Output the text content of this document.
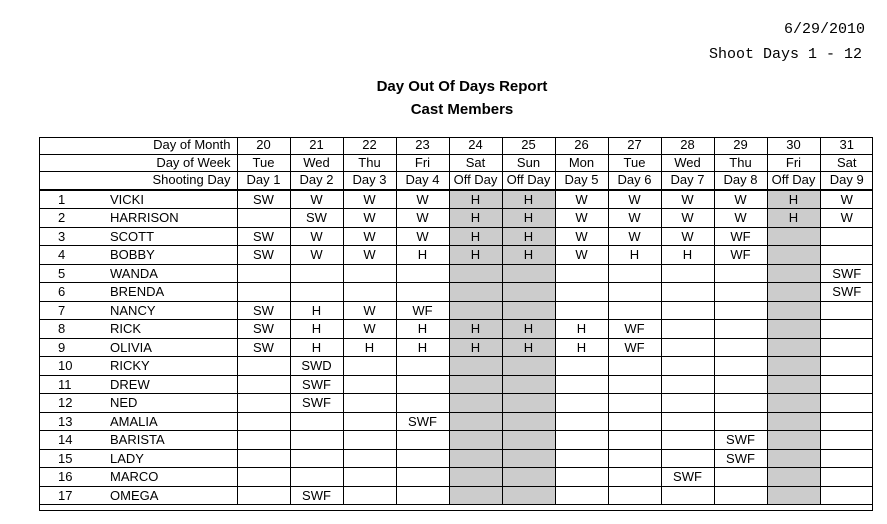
6/29/2010
Shoot Days 1 - 12
Day Out Of Days Report
Cast Members
Day of Month		20	21	22	23	24	25	26	27	28	29	30	31
Day of Week		Tue	Wed	Thu	Fri	Sat	Sun	Mon	Tue	Wed	Thu	Fri	Sat
Shooting Day		Day 1	Day 2	Day 3	Day 4	Off Day	Off Day	Day 5	Day 6	Day 7	Day 8	Off Day	Day 9
1	VICKI	SW	W	W	W	H	H	W	W	W	W	H	W
2	HARRISON		SW	W	W	H	H	W	W	W	W	H	W
3	SCOTT	SW	W	W	W	H	H	W	W	W	WF		
4	BOBBY	SW	W	W	H	H	H	W	H	H	WF		
5	WANDA												SWF
6	BRENDA												SWF
7	NANCY	SW	H	W	WF								
8	RICK	SW	H	W	H	H	H	H	WF				
9	OLIVIA	SW	H	H	H	H	H	H	WF				
10	RICKY		SWD										
11	DREW		SWF										
12	NED		SWF										
13	AMALIA				SWF								
14	BARISTA										SWF		
15	LADY										SWF		
16	MARCO									SWF			
17	OMEGA		SWF										
